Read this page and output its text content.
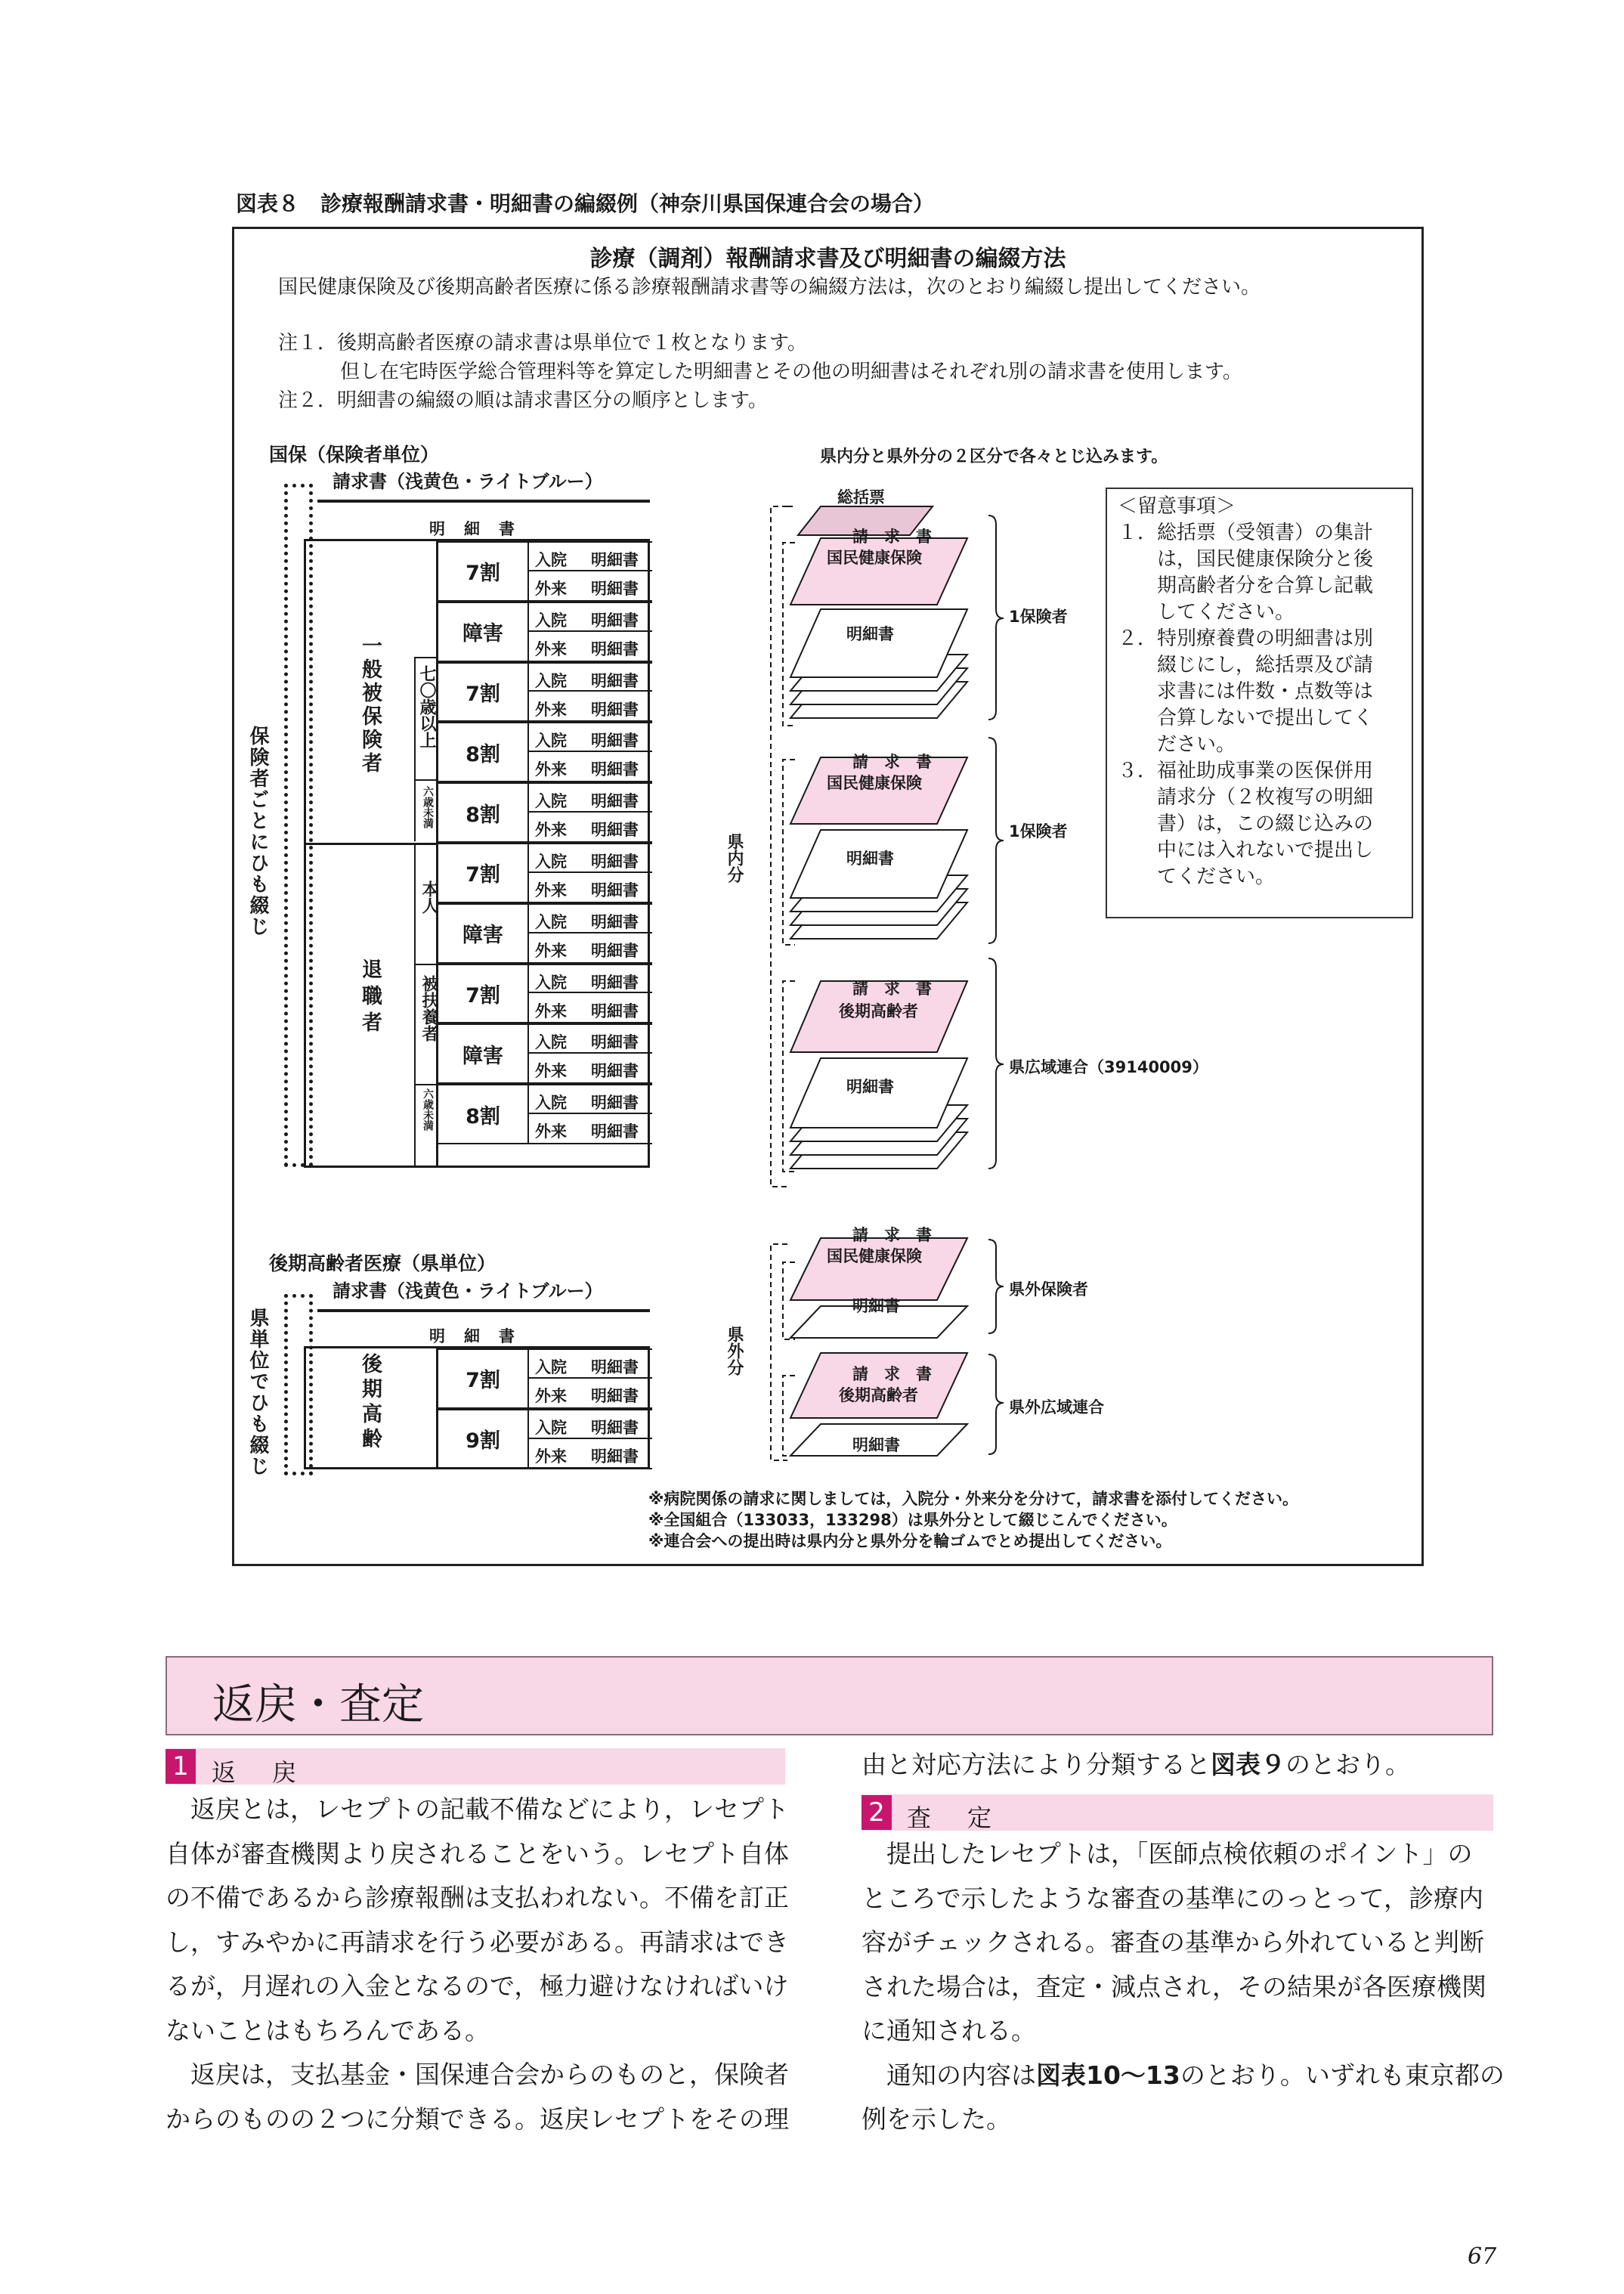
図表８　診療報酬請求書・明細書の編綴例（神奈川県国保連合会の場合）
診療（調剤）報酬請求書及び明細書の編綴方法
国民健康保険及び後期高齢者医療に係る診療報酬請求書等の編綴方法は，次のとおり編綴し提出してください。
注１．後期高齢者医療の請求書は県単位で１枚となります。
但し在宅時医学総合管理料等を算定した明細書とその他の明細書はそれぞれ別の請求書を使用します。
注２．明細書の編綴の順は請求書区分の順序とします。

＜留意事項＞

１．総括票（受領書）の集計

　　は，国民健康保険分と後

　　期高齢者分を合算し記載

　　してください。

２．特別療養費の明細書は別

　　綴じにし，総括票及び請

　　求書には件数・点数等は

　　合算しないで提出してく

　　ださい。

３．福祉助成事業の医保併用

　　請求分（２枚複写の明細

　　書）は，この綴じ込みの

　　中には入れないで提出し

　　てください。

※病院関係の請求に関しましては，入院分・外来分を分けて，請求書を添付してください。
※全国組合（133033，133298）は県外分として綴じこんでください。
※連合会への提出時は県内分と県外分を輪ゴムでとめ提出してください。
国保（保険者単位）
請求書（浅黄色・ライトブルー）
保険者ごとにひも綴じ
明　細　書
一般被保険者
退職者
七〇歳以上
六歳未満
本人
被扶養者
六歳未満
7割
入院 明細書
外来 明細書
障害
入院 明細書
外来 明細書
7割
入院 明細書
外来 明細書
8割
入院 明細書
外来 明細書
8割
入院 明細書
外来 明細書
7割
入院 明細書
外来 明細書
障害
入院 明細書
外来 明細書
7割
入院 明細書
外来 明細書
障害
入院 明細書
外来 明細書
8割
入院 明細書
外来 明細書
後期高齢者医療（県単位）
請求書（浅黄色・ライトブルー）
県単位でひも綴じ	明　細　書
後期高齢	7割
入院 明細書
外来 明細書
9割
入院 明細書
外来 明細書
県内分と県外分の２区分で各々とじ込みます。
総括票
請　求　書
国民健康保険
明細書
1保険者
請　求　書
国民健康保険
明細書
1保険者
請　求　書
後期高齢者
明細書
県広域連合（39140009）
県内分
請　求　書
国民健康保険
明細書
県外保険者
請　求　書
後期高齢者
明細書
県外広域連合
県外分
返戻・査定
1 返　戻

　返戻とは，レセプトの記載不備などにより，レセプト

自体が審査機関より戻されることをいう。レセプト自体

の不備であるから診療報酬は支払われない。不備を訂正

し，すみやかに再請求を行う必要がある。再請求はでき

るが，月遅れの入金となるので，極力避けなければいけ

ないことはもちろんである。

　返戻は，支払基金・国保連合会からのものと，保険者

からのものの２つに分類できる。返戻レセプトをその理

由と対応方法により分類すると図表９のとおり。
2 査　定

　提出したレセプトは，「医師点検依頼のポイント」の

ところで示したような審査の基準にのっとって，診療内

容がチェックされる。審査の基準から外れていると判断

された場合は，査定・減点され，その結果が各医療機関

に通知される。

　通知の内容は図表10〜13のとおり。いずれも東京都の

例を示した。

67
